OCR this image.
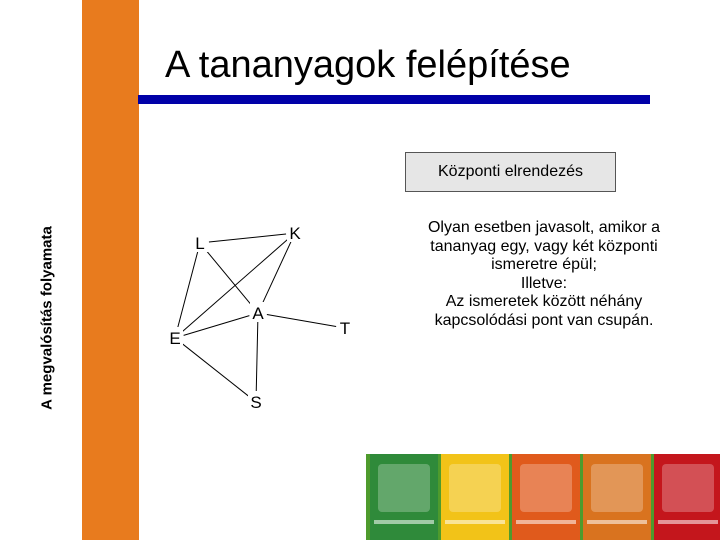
A megvalósítás folyamata
A tananyagok felépítése
Központi elrendezés
Olyan esetben javasolt, amikor a
tananyag egy, vagy két központi
ismeretre épül;
Illetve:
Az ismeretek között néhány
kapcsolódási pont van csupán.
L
K
A
E
T
S
